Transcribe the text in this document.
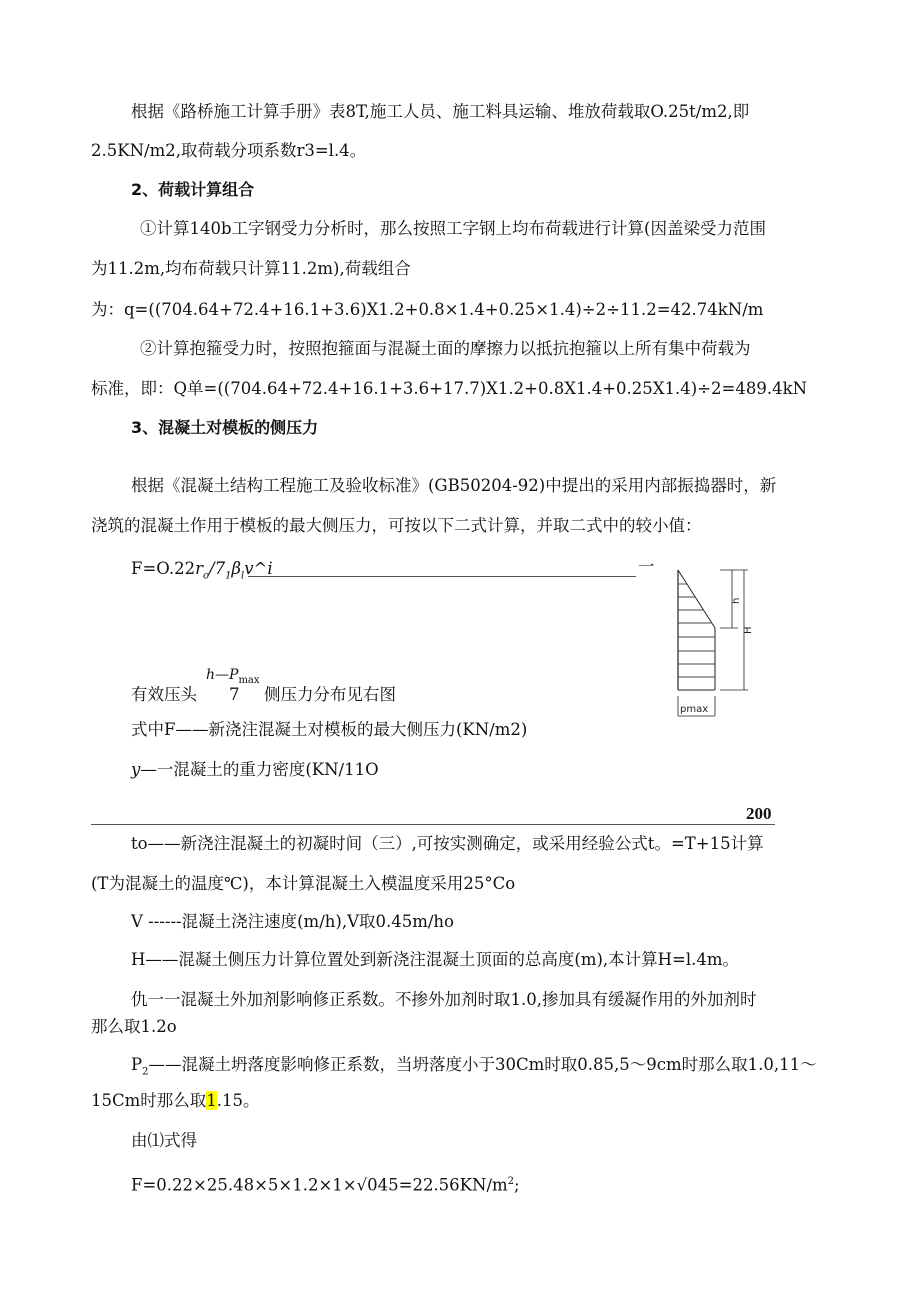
根据《路桥施工计算手册》表8T,施工人员、施工料具运输、堆放荷载取O.25t∕m2,即
2.5KN∕m2,取荷载分项系数r3=l.4。
2、荷载计算组合
①计算140b工字钢受力分析时，那么按照工字钢上均布荷载进行计算(因盖梁受力范围
为11.2m,均布荷载只计算11.2m),荷载组合
为：q=((704.64+72.4+16.1+3.6)X1.2+0.8×1.4+0.25×1.4)÷2÷11.2=42.74kN∕m
②计算抱箍受力时，按照抱箍面与混凝土面的摩擦力以抵抗抱箍以上所有集中荷载为
标准，即：Q单=((704.64+72.4+16.1+3.6+17.7)X1.2+0.8X1.4+0.25X1.4)÷2=489.4kN
3、混凝土对模板的侧压力
根据《混凝土结构工程施工及验收标准》(GB50204-92)中提出的采用内部振捣器时，新
浇筑的混凝土作用于模板的最大侧压力，可按以下二式计算，并取二式中的较小值：
$F=O.22r_o/7_1\beta_lv\^{}i$	一
$h—P_{max}$
有效压头 7 侧压力分布见右图
式中F——新浇注混凝土对模板的最大侧压力(KN∕m2)
y—一混凝土的重力密度(KN∕11O
h
H
pmax
200
to——新浇注混凝土的初凝时间（三）,可按实测确定，或采用经验公式t。=T+15计算
(T为混凝土的温度℃)，本计算混凝土入模温度采用25°Co
V ------混凝土浇注速度(m∕h),V取0.45m∕ho
H——混凝土侧压力计算位置处到新浇注混凝土顶面的总高度(m),本计算H=l.4m。
仇一一混凝土外加剂影响修正系数。不掺外加剂时取1.0,掺加具有缓凝作用的外加剂时
那么取1.2o
$P_2——$混凝土坍落度影响修正系数，当坍落度小于30Cm时取0.85,5～9cm时那么取1.0,11～
15Cm时那么取1.15。
由⑴式得
$F=0.22\times 25.48\times 5\times 1.2\times 1\times√045=22.56KN∕m^2$;
